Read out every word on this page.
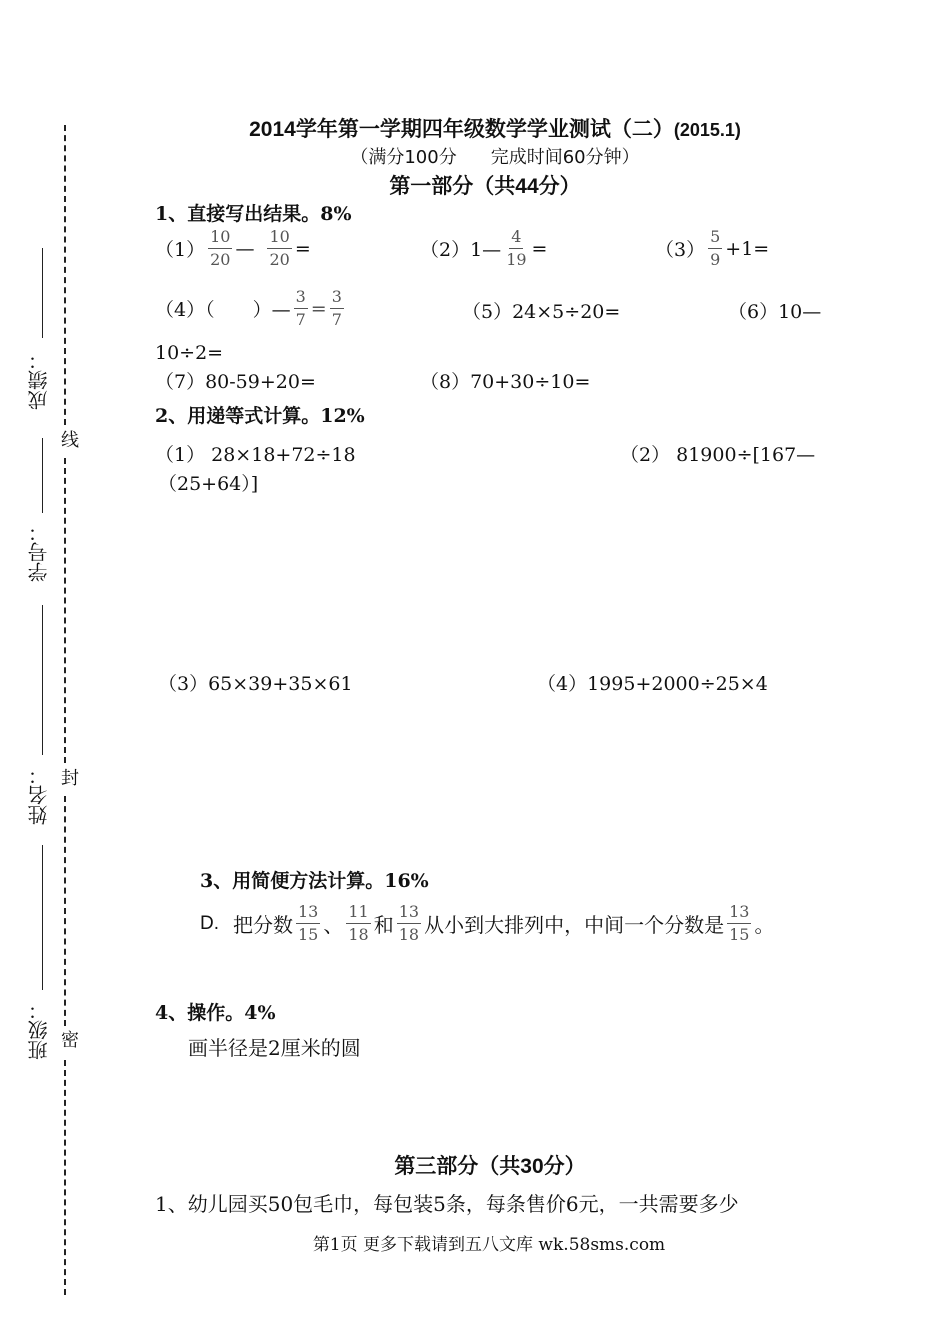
线
封
密
成绩：
学号：
姓名：
班级：
2014学年第一学期四年级数学学业测试（二）(2015.1)
（满分100分 完成时间60分钟）
第一部分（共44分）
1、直接写出结果。8%
$(1) \frac{10}{20}$ — $\frac{10}{20}$ =	（2）1— $\frac{4}{19}$ =	$(3) \frac{5}{9} +1=$
（4）（ ）— $\frac{3}{7} = \frac{3}{7}$	（5）24×5÷20=	（6）10—
10÷2=
（7）80-59+20=	（8）70+30÷10=
2、用递等式计算。12%
（1） 28×18+72÷18	（2） 81900÷[167—
（25+64）]
（3）65×39+35×61	（4）1995+2000÷25×4
3、用简便方法计算。16%
D. 把分数 $\frac{13}{15}$ 、 $\frac{11}{18}$ 和 $\frac{13}{18}$ 从小到大排列中，中间一个分数是 $\frac{13}{15}$ 。
4、操作。4%
画半径是2厘米的圆
第三部分（共30分）
1、幼儿园买50包毛巾，每包装5条，每条售价6元，一共需要多少
第1页 更多下载请到五八文库 wk.58sms.com
